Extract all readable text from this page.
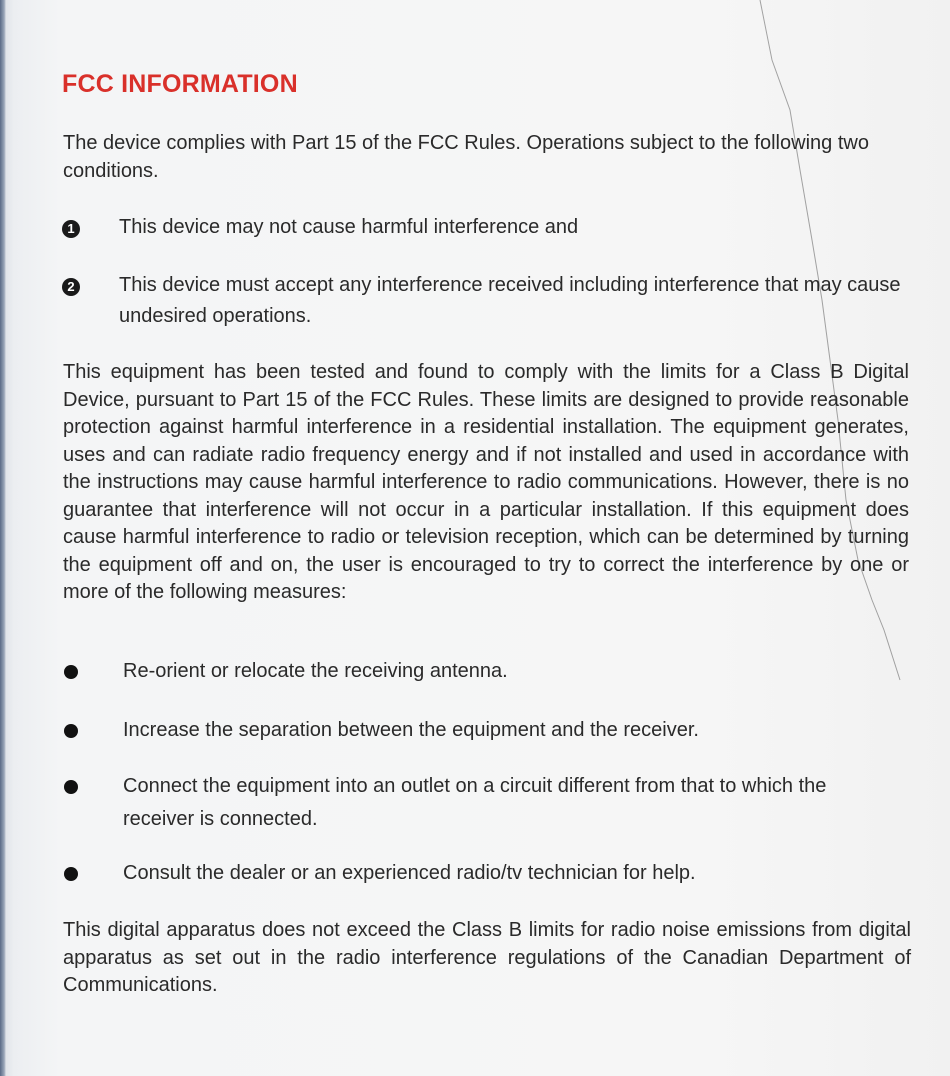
FCC INFORMATION

The device complies with Part 15 of the FCC Rules. Operations subject to the following two conditions.

1 This device may not cause harmful interference and

2 This device must accept any interference received including interference that may cause undesired operations.

This equipment has been tested and found to comply with the limits for a Class B Digital Device, pursuant to Part 15 of the FCC Rules. These limits are designed to provide reasonable protection against harmful interference in a residential installation. The equipment generates, uses and can radiate radio frequency energy and if not installed and used in accordance with the instructions may cause harmful interference to radio communications. However, there is no guarantee that interference will not occur in a particular installation. If this equipment does cause harmful interference to radio or television reception, which can be determined by turning the equipment off and on, the user is encouraged to try to correct the interference by one or more of the following measures:

Re-orient or relocate the receiving antenna.

Increase the separation between the equipment and the receiver.

Connect the equipment into an outlet on a circuit different from that to which the receiver is connected.

Consult the dealer or an experienced radio/tv technician for help.

This digital apparatus does not exceed the Class B limits for radio noise emissions from digital apparatus as set out in the radio interference regulations of the Canadian Department of Communications.
